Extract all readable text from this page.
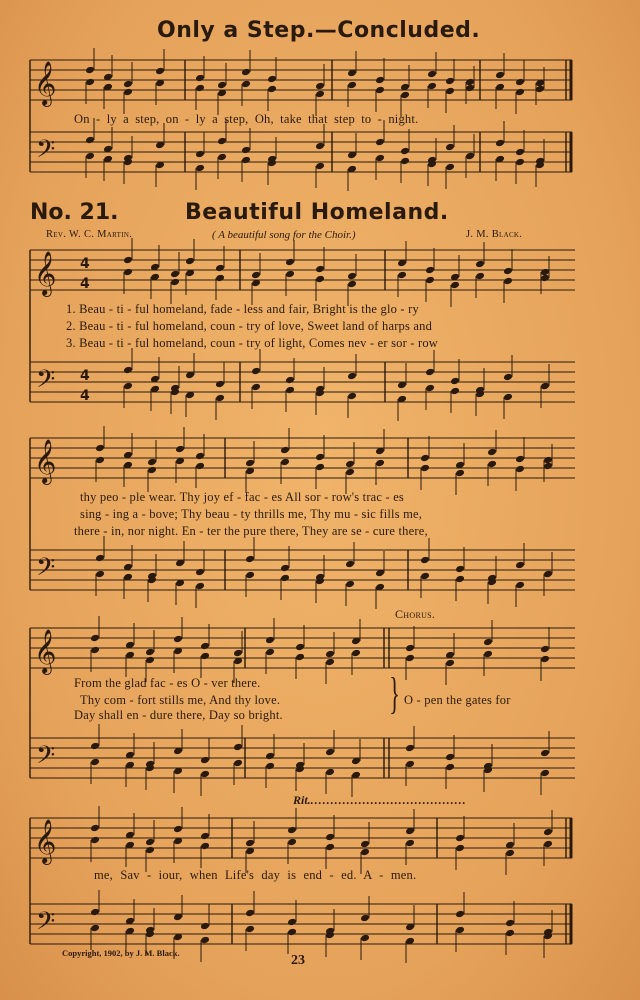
Only a Step.—Concluded.
𝄞
𝄢
𝄞
𝄢
4
4
4
4
𝄞
𝄢
𝄞
𝄢
𝄞
𝄢
On - ly a step, on - ly a step, Oh, take that step to - night.
No. 21.	Beautiful Homeland.
Rev. W. C. Martin.	( A beautiful song for the Choir.)	J. M. Black.
1. Beau - ti - ful homeland, fade - less and fair, Bright is the glo - ry
2. Beau - ti - ful homeland, coun - try of love, Sweet land of harps and
3. Beau - ti - ful homeland, coun - try of light, Comes nev - er sor - row
thy peo - ple wear. Thy joy ef - fac - es All sor - row's trac - es
sing - ing a - bove; Thy beau - ty thrills me, Thy mu - sic fills me,
there - in, nor night. En - ter the pure there, They are se - cure there,
Chorus.
From the glad fac - es O - ver there.
Thy com - fort stills me, And thy love.
Day shall en - dure there, Day so bright. } O - pen the gates for
Rit........................................
me, Sav - iour, when Life's day is end - ed. A - men.
Copyright, 1902, by J. M. Black.	23
